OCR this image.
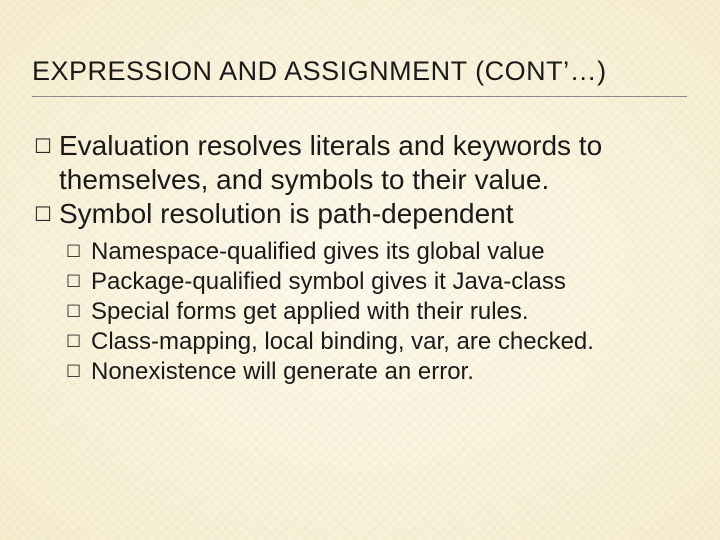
EXPRESSION AND ASSIGNMENT (CONT’…)
☐ Evaluation resolves literals and keywords to themselves, and symbols to their value.
☐ Symbol resolution is path-dependent
☐ Namespace-qualified gives its global value
☐ Package-qualified symbol gives it Java-class
☐ Special forms get applied with their rules.
☐ Class-mapping, local binding, var, are checked.
☐ Nonexistence will generate an error.
